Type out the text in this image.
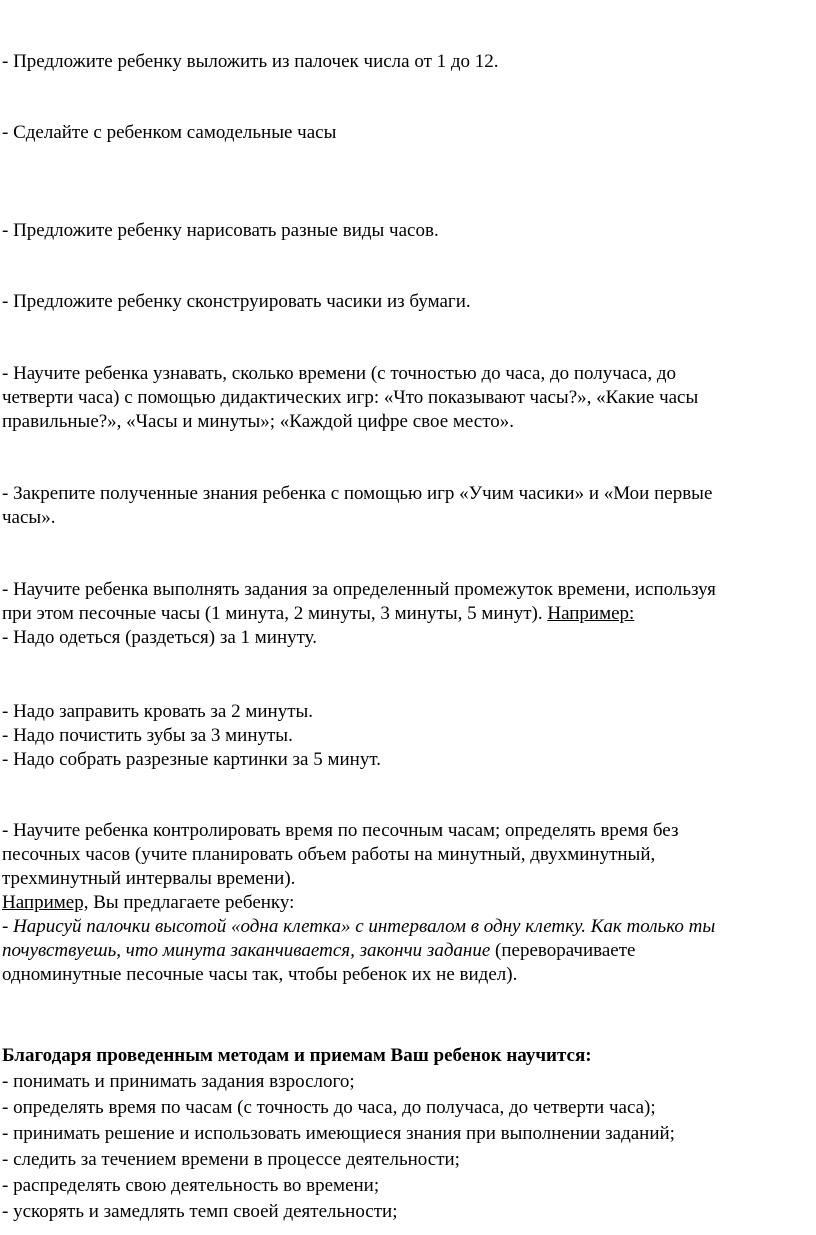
- Предложите ребенку выложить из палочек числа от 1 до 12.

- Сделайте с ребенком самодельные часы

- Предложите ребенку нарисовать разные виды часов.

- Предложите ребенку сконструировать часики из бумаги.

- Научите ребенка узнавать, сколько времени (с точностью до часа, до получаса, до
четверти часа) с помощью дидактических игр: «Что показывают часы?», «Какие часы
правильные?», «Часы и минуты»; «Каждой цифре свое место».

- Закрепите полученные знания ребенка с помощью игр «Учим часики» и «Мои первые
часы».

- Научите ребенка выполнять задания за определенный промежуток времени, используя
при этом песочные часы (1 минута, 2 минуты, 3 минуты, 5 минут). Например:
- Надо одеться (раздеться) за 1 минуту.

- Надо заправить кровать за 2 минуты.
- Надо почистить зубы за 3 минуты.
- Надо собрать разрезные картинки за 5 минут.

- Научите ребенка контролировать время по песочным часам; определять время без
песочных часов (учите планировать объем работы на минутный, двухминутный,
трехминутный интервалы времени).
Например, Вы предлагаете ребенку:
- Нарисуй палочки высотой «одна клетка» с интервалом в одну клетку. Как только ты
почувствуешь, что минута заканчивается, закончи задание (переворачиваете
одноминутные песочные часы так, чтобы ребенок их не видел).

Благодаря проведенным методам и приемам Ваш ребенок научится:
- понимать и принимать задания взрослого;
- определять время по часам (с точность до часа, до получаса, до четверти часа);
- принимать решение и использовать имеющиеся знания при выполнении заданий;
- следить за течением времени в процессе деятельности;
- распределять свою деятельность во времени;
- ускорять и замедлять темп своей деятельности;
